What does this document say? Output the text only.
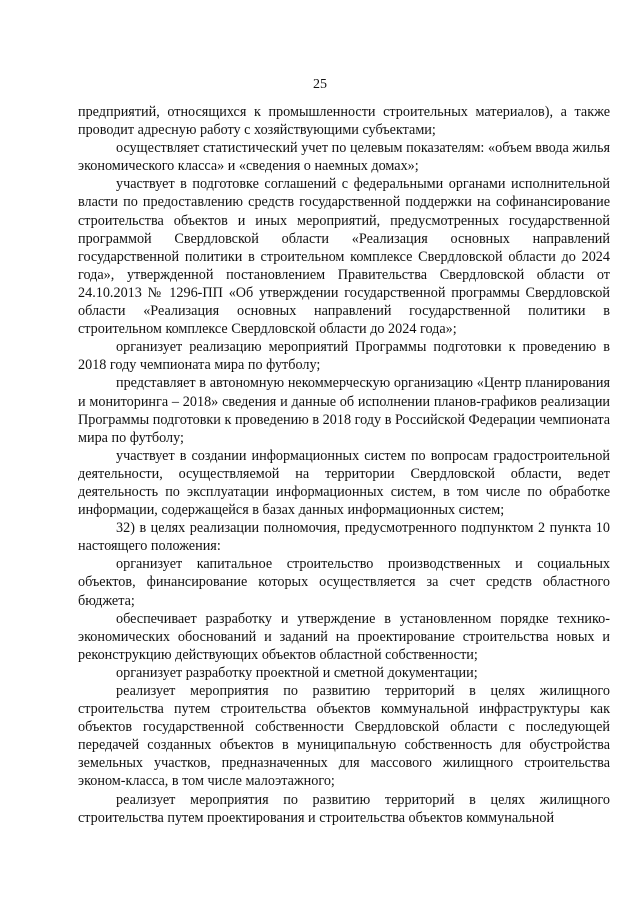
25

предприятий, относящихся к промышленности строительных материалов), а также проводит адресную работу с хозяйствующими субъектами;

осуществляет статистический учет по целевым показателям: «объем ввода жилья экономического класса» и «сведения о наемных домах»;

участвует в подготовке соглашений с федеральными органами исполнительной власти по предоставлению средств государственной поддержки на софинансирование строительства объектов и иных мероприятий, предусмотренных государственной программой Свердловской области «Реализация основных направлений государственной политики в строительном комплексе Свердловской области до 2024 года», утвержденной постановлением Правительства Свердловской области от 24.10.2013 № 1296-ПП «Об утверждении государственной программы Свердловской области «Реализация основных направлений государственной политики в строительном комплексе Свердловской области до 2024 года»;

организует реализацию мероприятий Программы подготовки к проведению в 2018 году чемпионата мира по футболу;

представляет в автономную некоммерческую организацию «Центр планирования и мониторинга – 2018» сведения и данные об исполнении планов-графиков реализации Программы подготовки к проведению в 2018 году в Российской Федерации чемпионата мира по футболу;

участвует в создании информационных систем по вопросам градостроительной деятельности, осуществляемой на территории Свердловской области, ведет деятельность по эксплуатации информационных систем, в том числе по обработке информации, содержащейся в базах данных информационных систем;

32) в целях реализации полномочия, предусмотренного подпунктом 2 пункта 10 настоящего положения:

организует капитальное строительство производственных и социальных объектов, финансирование которых осуществляется за счет средств областного бюджета;

обеспечивает разработку и утверждение в установленном порядке технико-экономических обоснований и заданий на проектирование строительства новых и реконструкцию действующих объектов областной собственности;

организует разработку проектной и сметной документации;

реализует мероприятия по развитию территорий в целях жилищного строительства путем строительства объектов коммунальной инфраструктуры как объектов государственной собственности Свердловской области с последующей передачей созданных объектов в муниципальную собственность для обустройства земельных участков, предназначенных для массового жилищного строительства эконом-класса, в том числе малоэтажного;

реализует мероприятия по развитию территорий в целях жилищного строительства путем проектирования и строительства объектов коммунальной
